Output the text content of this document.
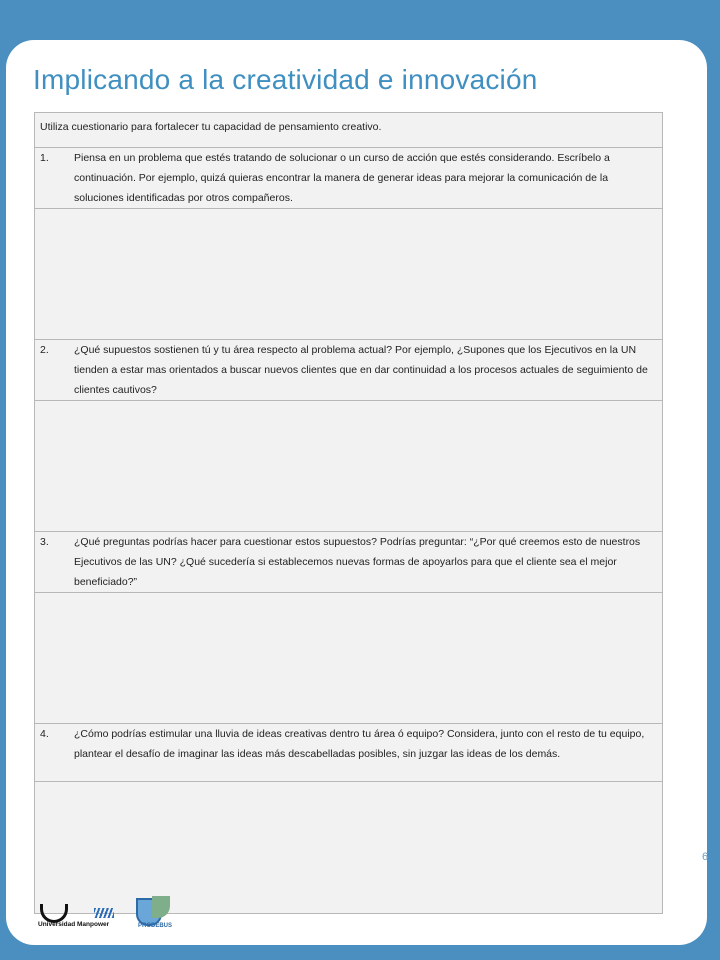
Implicando a la creatividad e innovación
Utiliza cuestionario para fortalecer tu capacidad de pensamiento creativo.

1.	Piensa en un problema que estés tratando de solucionar o un curso de acción que estés considerando. Escríbelo a continuación. Por ejemplo, quizá quieras encontrar la manera de generar ideas para mejorar la comunicación de la soluciones identificadas por otros compañeros.

2.	¿Qué supuestos sostienen tú y tu área respecto al problema actual? Por ejemplo, ¿Supones que los Ejecutivos en la UN tienden a estar mas orientados a buscar nuevos clientes que en dar continuidad a los procesos actuales de seguimiento de clientes cautivos?

3.	¿Qué preguntas podrías hacer para cuestionar estos supuestos? Podrías preguntar: “¿Por qué creemos esto de nuestros Ejecutivos de las UN? ¿Qué sucedería si establecemos nuevas formas de apoyarlos para que el cliente sea el mejor beneficiado?”

4.	¿Cómo podrías estimular una lluvia de ideas creativas dentro tu área ó equipo? Considera, junto con el resto de tu equipo, plantear el desafío de imaginar las ideas más descabelladas posibles, sin juzgar las ideas de los demás.

6
Universidad Manpower	PRODEBUS
